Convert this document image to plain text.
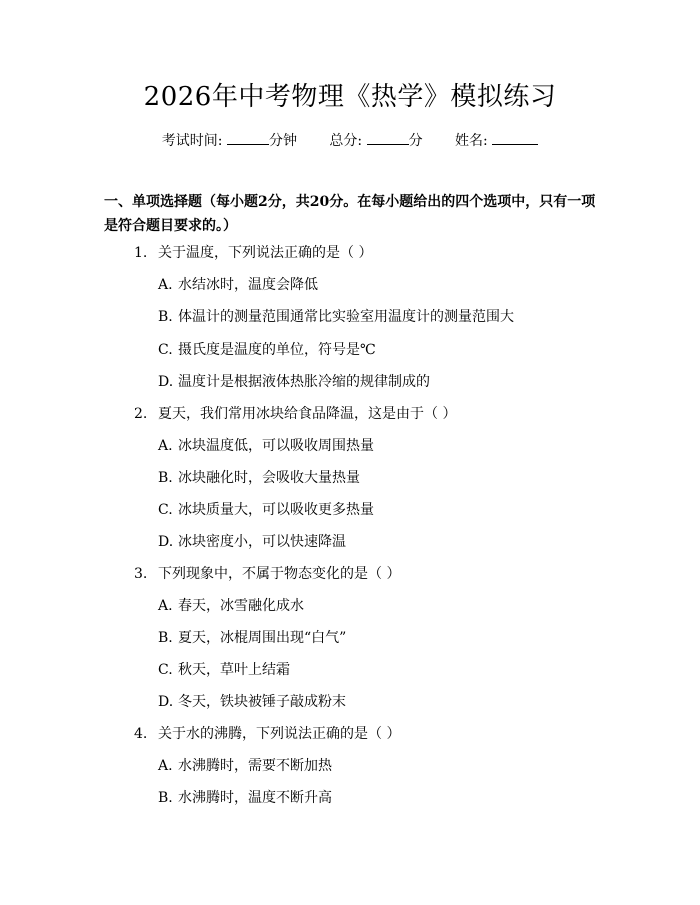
2026年中考物理《热学》模拟练习
考试时间:	分钟 总分:	分 姓名:
一、单项选择题（每小题2分，共20分。在每小题给出的四个选项中，只有一项是符合题目要求的。）
1. 关于温度，下列说法正确的是（ ）
A. 水结冰时，温度会降低
B. 体温计的测量范围通常比实验室用温度计的测量范围大
C. 摄氏度是温度的单位，符号是℃
D. 温度计是根据液体热胀冷缩的规律制成的
2. 夏天，我们常用冰块给食品降温，这是由于（ ）
A. 冰块温度低，可以吸收周围热量
B. 冰块融化时，会吸收大量热量
C. 冰块质量大，可以吸收更多热量
D. 冰块密度小，可以快速降温
3. 下列现象中，不属于物态变化的是（ ）
A. 春天，冰雪融化成水
B. 夏天，冰棍周围出现“白气”
C. 秋天，草叶上结霜
D. 冬天，铁块被锤子敲成粉末
4. 关于水的沸腾，下列说法正确的是（ ）
A. 水沸腾时，需要不断加热
B. 水沸腾时，温度不断升高
